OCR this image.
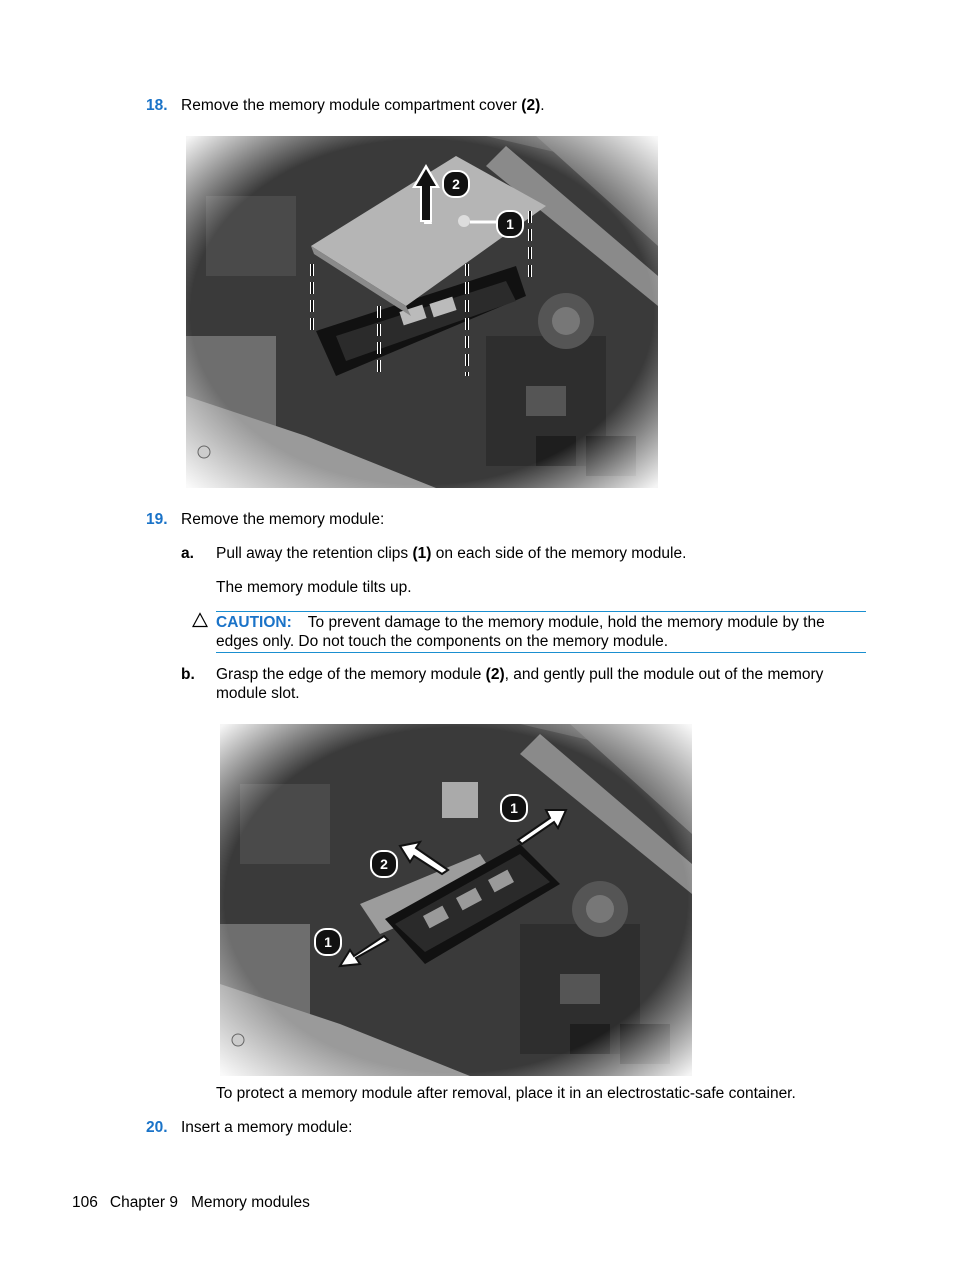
18. Remove the memory module compartment cover (2).
2
1
19. Remove the memory module:
a. Pull away the retention clips (1) on each side of the memory module.
The memory module tilts up.
CAUTION: To prevent damage to the memory module, hold the memory module by the
edges only. Do not touch the components on the memory module.
b. Grasp the edge of the memory module (2), and gently pull the module out of the memory
module slot.
1
2
1
To protect a memory module after removal, place it in an electrostatic-safe container.
20. Insert a memory module:
106 Chapter 9 Memory modules
